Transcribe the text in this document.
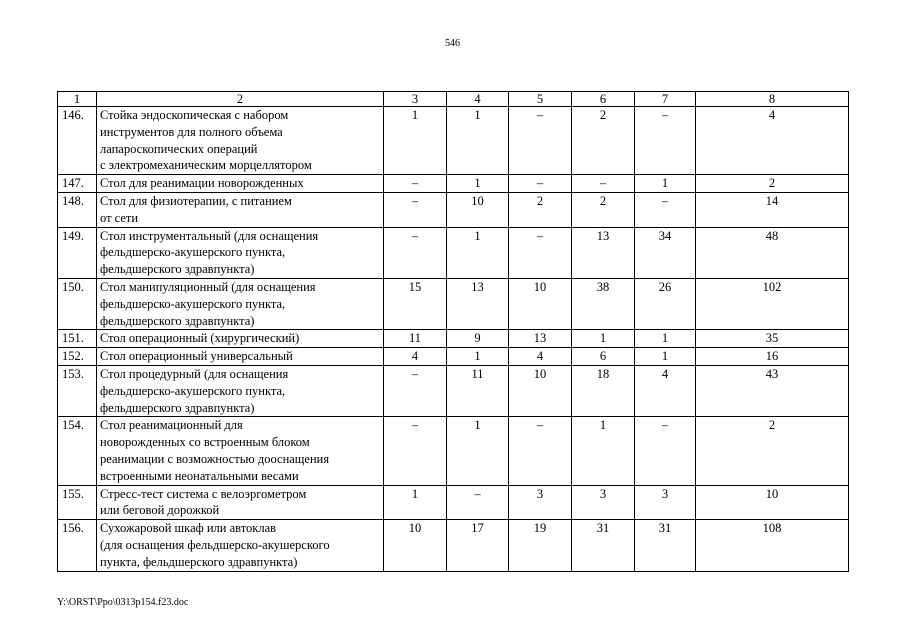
546
1	2	3	4	5	6	7	8
146.	Стойка эндоскопическая с набором
инструментов для полного объема
лапароскопических операций
с электромеханическим морцеллятором	1	1	–	2	–	4
147.	Стол для реанимации новорожденных	–	1	–	–	1	2
148.	Стол для физиотерапии, с питанием
от сети	–	10	2	2	–	14
149.	Стол инструментальный (для оснащения
фельдшерско-акушерского пункта,
фельдшерского здравпункта)	–	1	–	13	34	48
150.	Стол манипуляционный (для оснащения
фельдшерско-акушерского пункта,
фельдшерского здравпункта)	15	13	10	38	26	102
151.	Стол операционный (хирургический)	11	9	13	1	1	35
152.	Стол операционный универсальный	4	1	4	6	1	16
153.	Стол процедурный (для оснащения
фельдшерско-акушерского пункта,
фельдшерского здравпункта)	–	11	10	18	4	43
154.	Стол реанимационный для
новорожденных со встроенным блоком
реанимации с возможностью дооснащения
встроенными неонатальными весами	–	1	–	1	–	2
155.	Стресс-тест система с велоэргометром
или беговой дорожкой	1	–	3	3	3	10
156.	Сухожаровой шкаф или автоклав
(для оснащения фельдшерско-акушерского
пункта, фельдшерского здравпункта)	10	17	19	31	31	108
Y:\ORST\Ppo\0313p154.f23.doc
